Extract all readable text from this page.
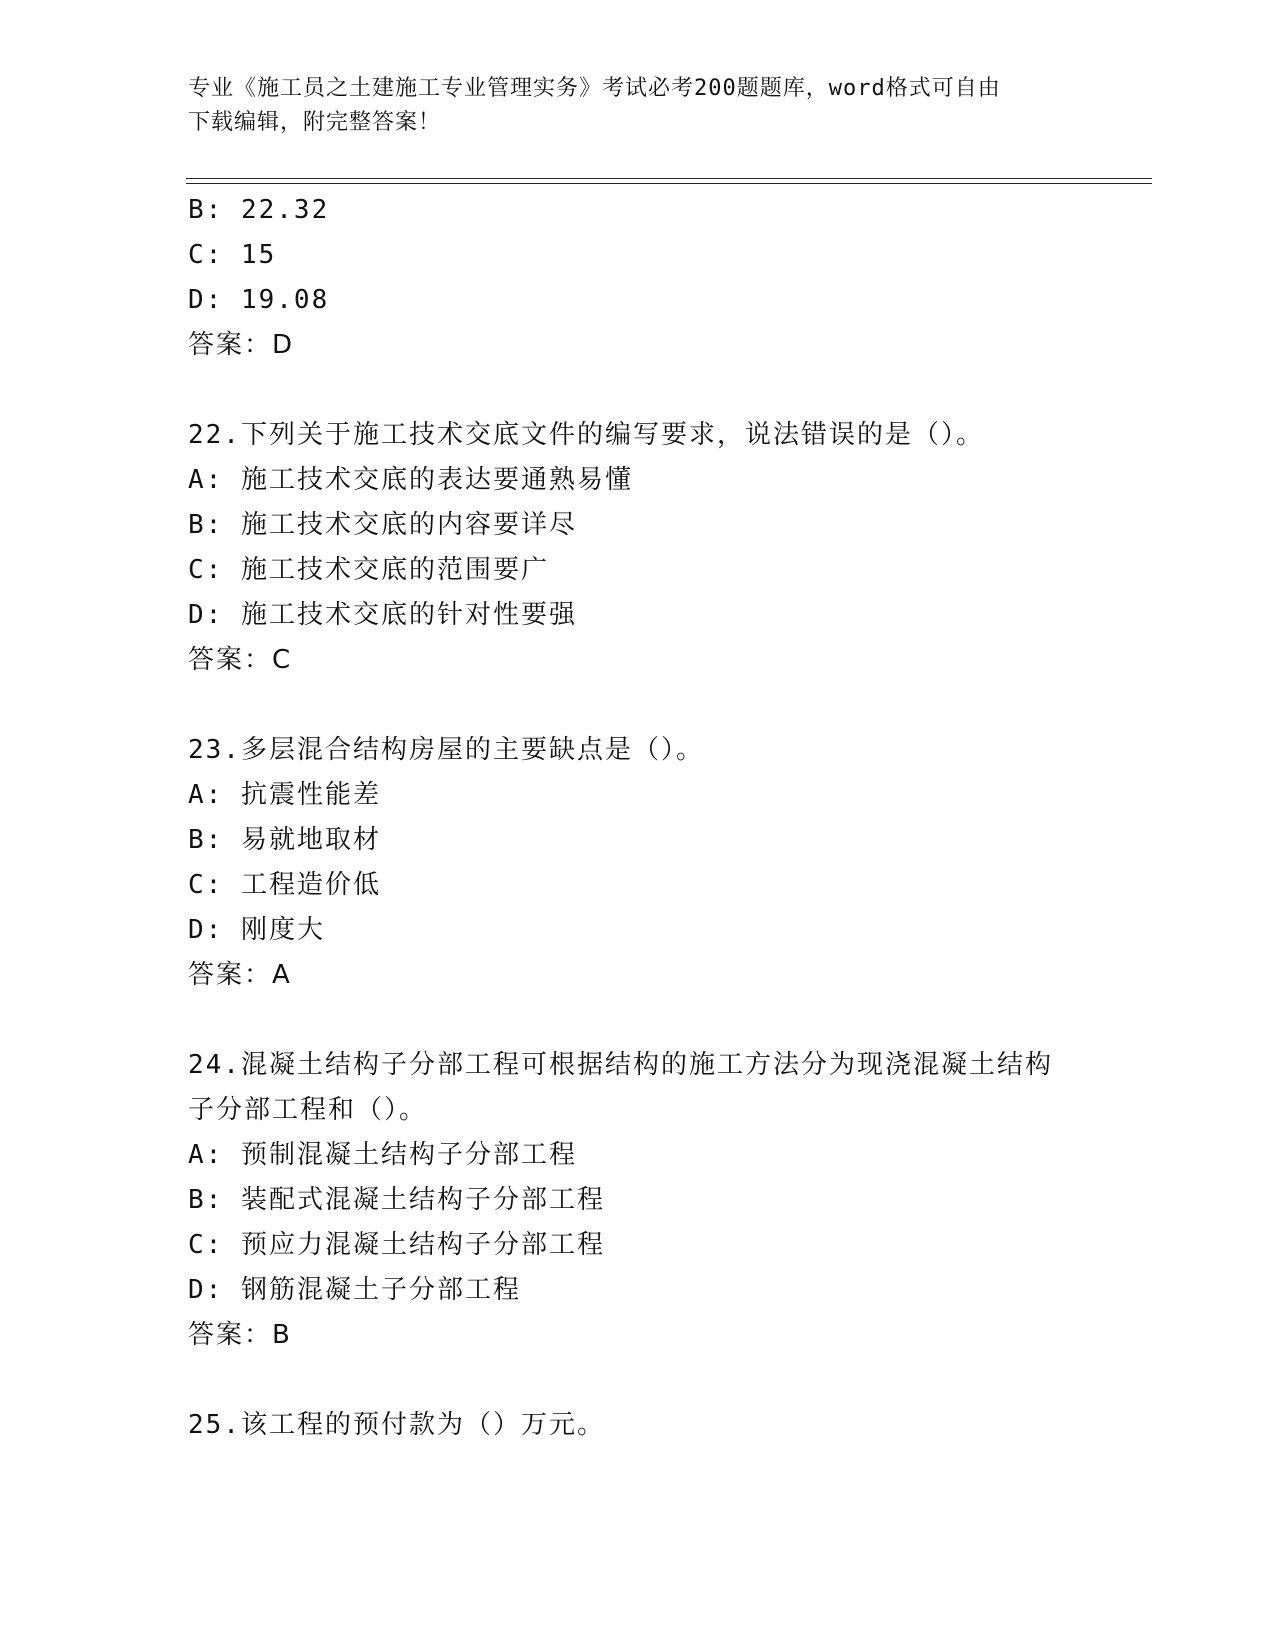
专业《施工员之土建施工专业管理实务》考试必考200题题库，word格式可自由
下载编辑，附完整答案！
B: 22.32
C: 15
D: 19.08
答案：D
22.下列关于施工技术交底文件的编写要求，说法错误的是（）。
A: 施工技术交底的表达要通熟易懂
B: 施工技术交底的内容要详尽
C: 施工技术交底的范围要广
D: 施工技术交底的针对性要强
答案：C
23.多层混合结构房屋的主要缺点是（）。
A: 抗震性能差
B: 易就地取材
C: 工程造价低
D: 刚度大
答案：A
24.混凝土结构子分部工程可根据结构的施工方法分为现浇混凝土结构
子分部工程和（）。
A: 预制混凝土结构子分部工程
B: 装配式混凝土结构子分部工程
C: 预应力混凝土结构子分部工程
D: 钢筋混凝土子分部工程
答案：B
25.该工程的预付款为（）万元。
